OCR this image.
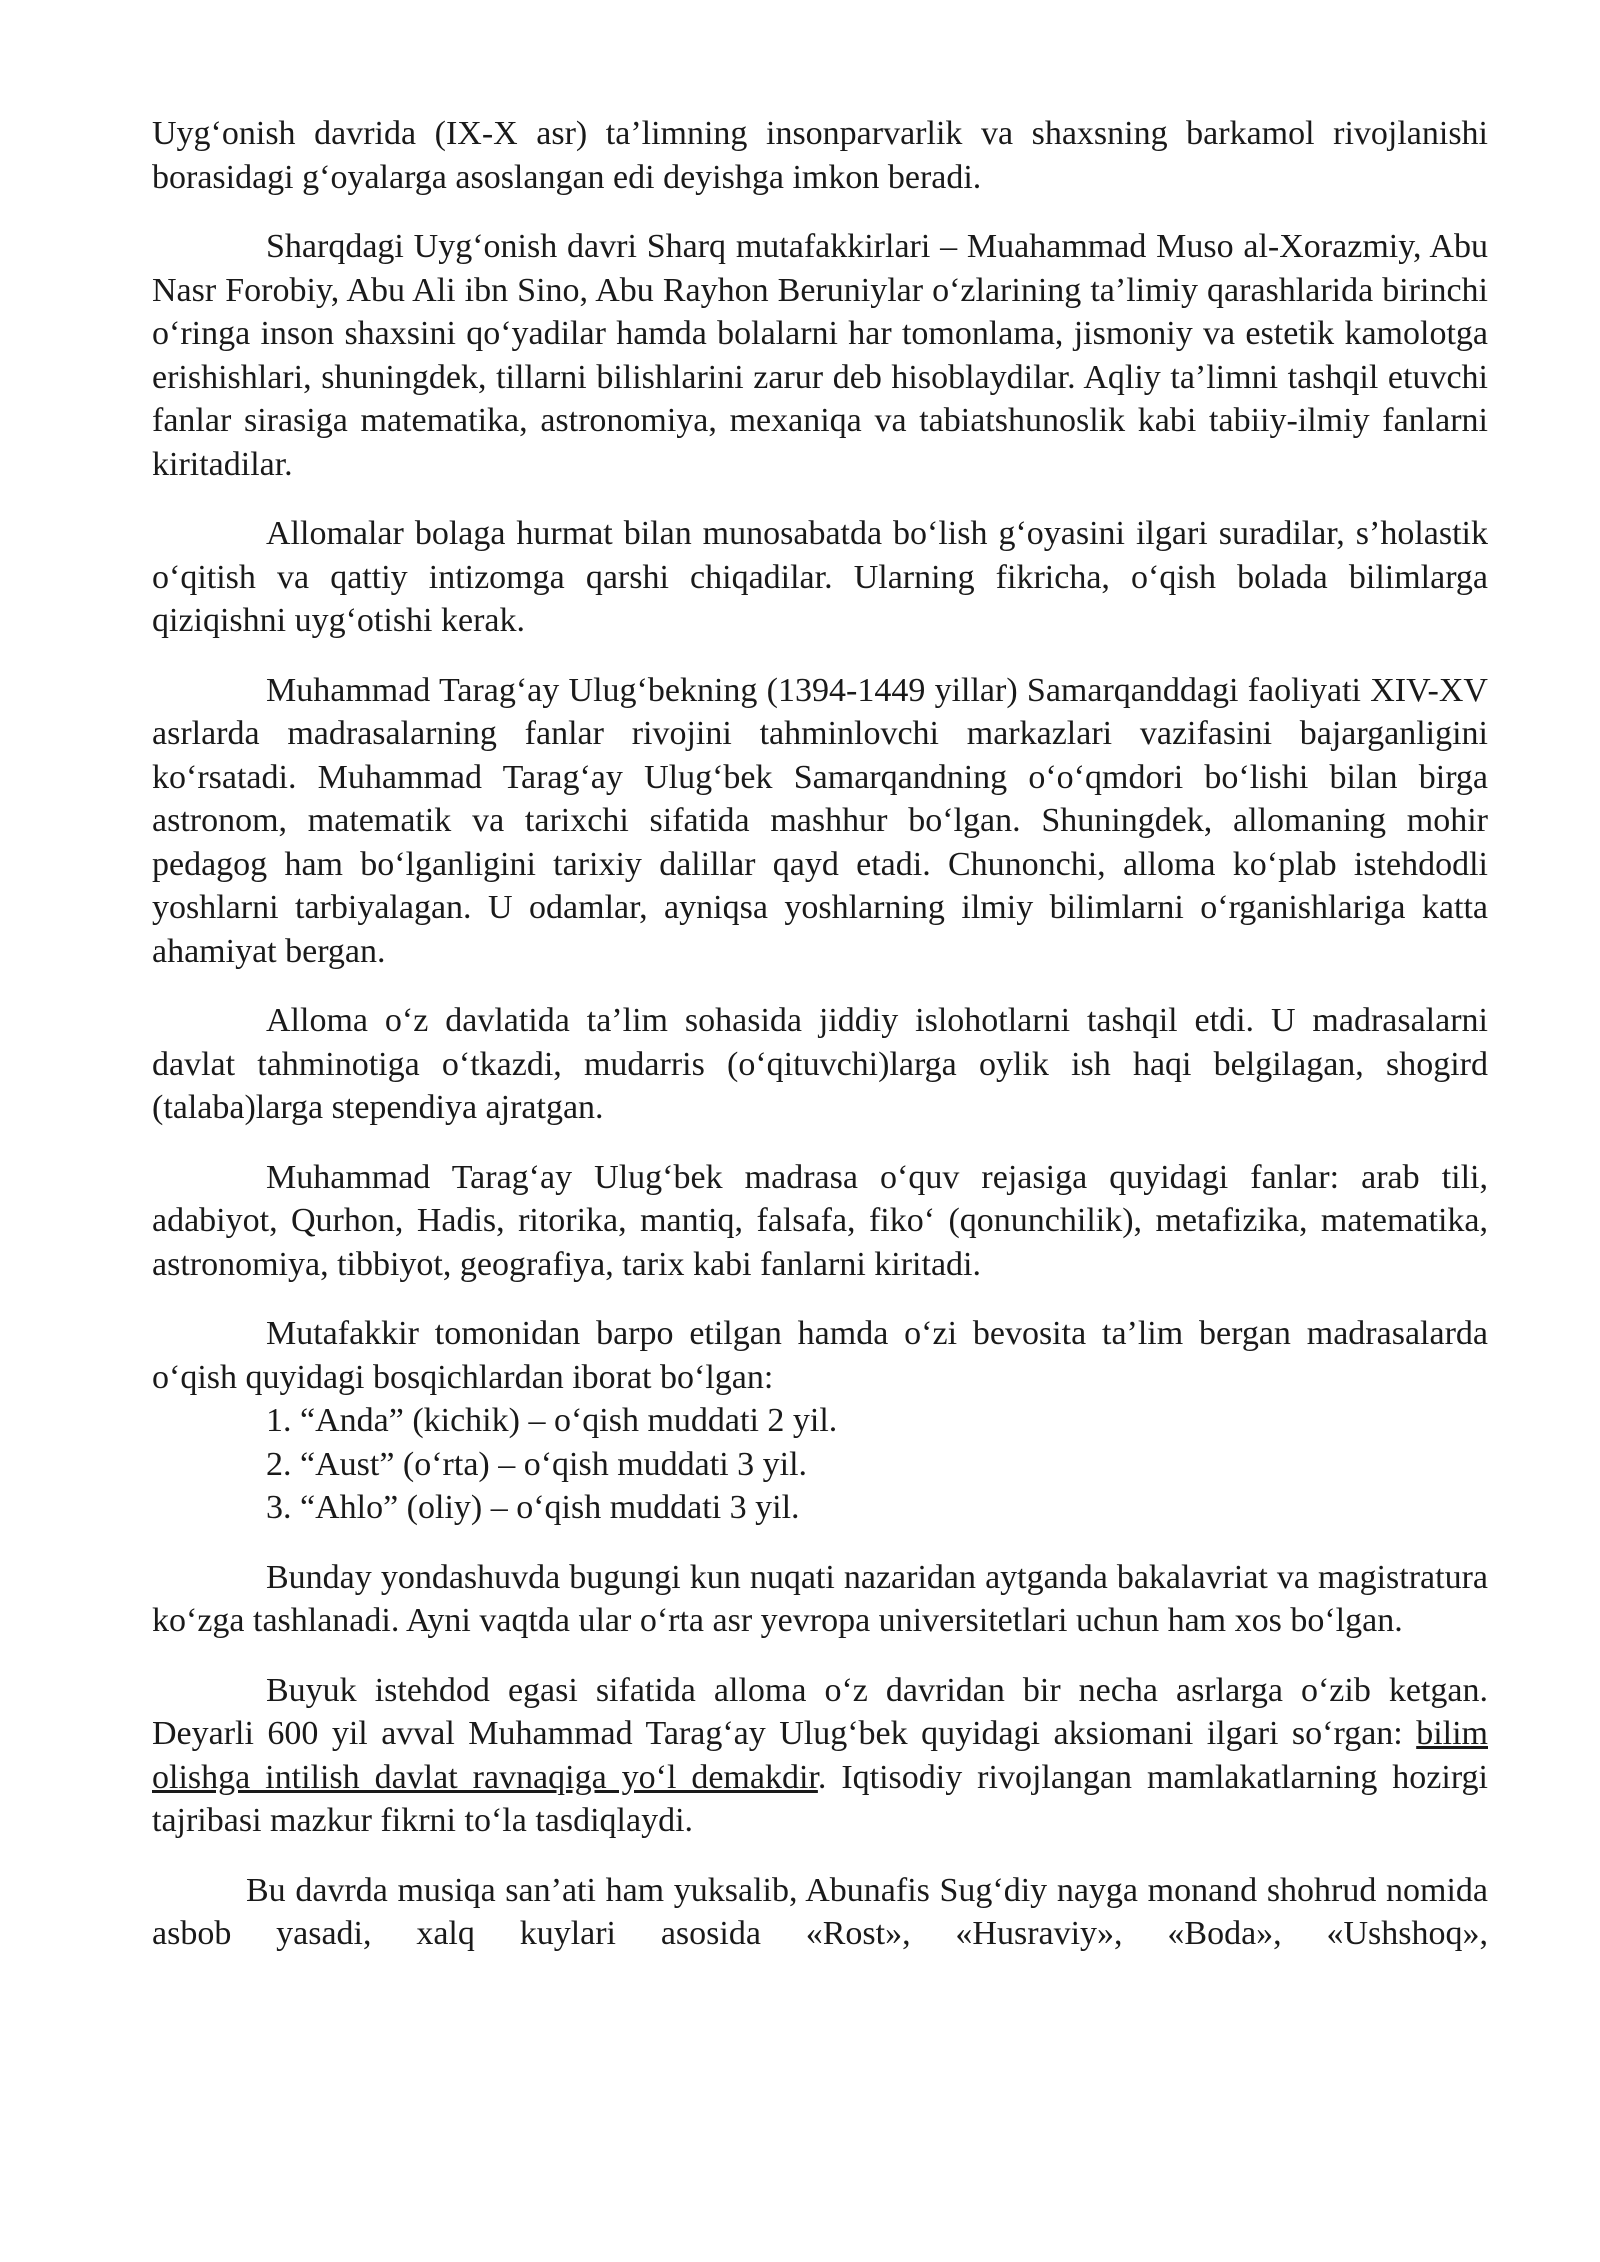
Uyg‘onish davrida (IX-X asr) ta’limning insonparvarlik va shaxsning barkamol rivojlanishi borasidagi g‘oyalarga asoslangan edi deyishga imkon beradi.

Sharqdagi Uyg‘onish davri Sharq mutafakkirlari – Muahammad Muso al-Xorazmiy, Abu Nasr Forobiy, Abu Ali ibn Sino, Abu Rayhon Beruniylar o‘zlarining ta’limiy qarashlarida birinchi o‘ringa inson shaxsini qo‘yadilar hamda bolalarni har tomonlama, jismoniy va estetik kamolotga erishishlari, shuningdek, tillarni bilishlarini zarur deb hisoblaydilar. Aqliy ta’limni tashqil etuvchi fanlar sirasiga matematika, astronomiya, mexaniqa va tabiatshunoslik kabi tabiiy-ilmiy fanlarni kiritadilar.

Allomalar bolaga hurmat bilan munosabatda bo‘lish g‘oyasini ilgari suradilar, s’holastik o‘qitish va qattiy intizomga qarshi chiqadilar. Ularning fikricha, o‘qish bolada bilimlarga qiziqishni uyg‘otishi kerak.

Muhammad Tarag‘ay Ulug‘bekning (1394-1449 yillar) Samarqanddagi faoliyati XIV-XV asrlarda madrasalarning fanlar rivojini tahminlovchi markazlari vazifasini bajarganligini ko‘rsatadi. Muhammad Tarag‘ay Ulug‘bek Samarqandning o‘o‘qmdori bo‘lishi bilan birga astronom, matematik va tarixchi sifatida mashhur bo‘lgan. Shuningdek, allomaning mohir pedagog ham bo‘lganligini tarixiy dalillar qayd etadi. Chunonchi, alloma ko‘plab istehdodli yoshlarni tarbiyalagan. U odamlar, ayniqsa yoshlarning ilmiy bilimlarni o‘rganishlariga katta ahamiyat bergan.

Alloma o‘z davlatida ta’lim sohasida jiddiy islohotlarni tashqil etdi. U madrasalarni davlat tahminotiga o‘tkazdi, mudarris (o‘qituvchi)larga oylik ish haqi belgilagan, shogird (talaba)larga stependiya ajratgan.

Muhammad Tarag‘ay Ulug‘bek madrasa o‘quv rejasiga quyidagi fanlar: arab tili, adabiyot, Qurhon, Hadis, ritorika, mantiq, falsafa, fiko‘ (qonunchilik), metafizika, matematika, astronomiya, tibbiyot, geografiya, tarix kabi fanlarni kiritadi.

Mutafakkir tomonidan barpo etilgan hamda o‘zi bevosita ta’lim bergan madrasalarda o‘qish quyidagi bosqichlardan iborat bo‘lgan:

1. “Anda” (kichik) – o‘qish muddati 2 yil.

2. “Aust” (o‘rta) – o‘qish muddati 3 yil.

3. “Ahlo” (oliy) – o‘qish muddati 3 yil.

Bunday yondashuvda bugungi kun nuqati nazaridan aytganda bakalavriat va magistratura ko‘zga tashlanadi. Ayni vaqtda ular o‘rta asr yevropa universitetlari uchun ham xos bo‘lgan.

Buyuk istehdod egasi sifatida alloma o‘z davridan bir necha asrlarga o‘zib ketgan. Deyarli 600 yil avval Muhammad Tarag‘ay Ulug‘bek quyidagi aksiomani ilgari so‘rgan: bilim olishga intilish davlat ravnaqiga yo‘l demakdir. Iqtisodiy rivojlangan mamlakatlarning hozirgi tajribasi mazkur fikrni to‘la tasdiqlaydi.

Bu davrda musiqa san’ati ham yuksalib, Abunafis Sug‘diy nayga monand shohrud nomida asbob yasadi, xalq kuylari asosida «Rost», «Husraviy», «Boda», «Ushshoq»,
